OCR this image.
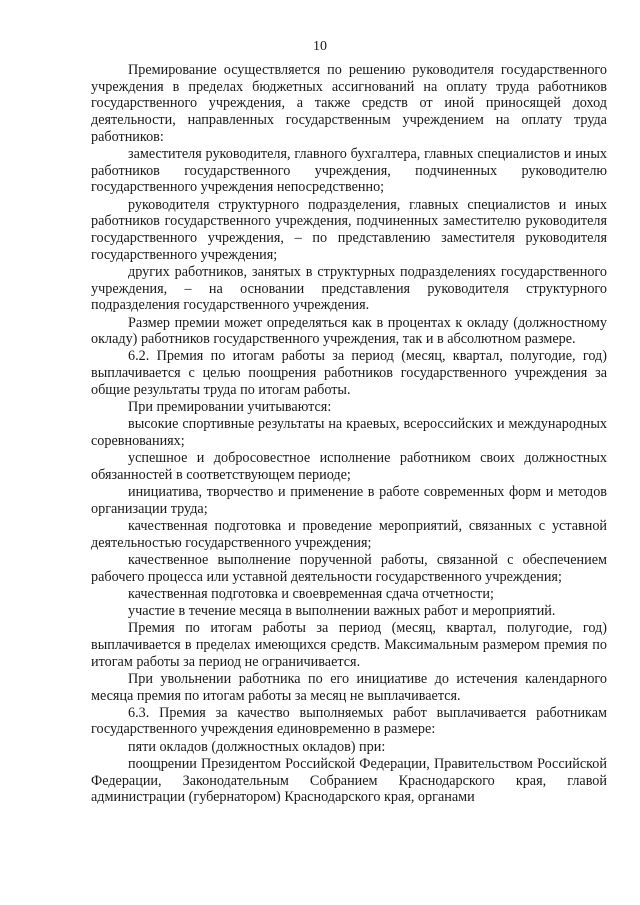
10

Премирование осуществляется по решению руководителя государственного учреждения в пределах бюджетных ассигнований на оплату труда работников государственного учреждения, а также средств от иной приносящей доход деятельности, направленных государственным учреждением на оплату труда работников:

заместителя руководителя, главного бухгалтера, главных специалистов и иных работников государственного учреждения, подчиненных руководителю государственного учреждения непосредственно;

руководителя структурного подразделения, главных специалистов и иных работников государственного учреждения, подчиненных заместителю руководителя государственного учреждения, – по представлению заместителя руководителя государственного учреждения;

других работников, занятых в структурных подразделениях государственного учреждения, – на основании представления руководителя структурного подразделения государственного учреждения.

Размер премии может определяться как в процентах к окладу (должностному окладу) работников государственного учреждения, так и в абсолютном размере.

6.2. Премия по итогам работы за период (месяц, квартал, полугодие, год) выплачивается с целью поощрения работников государственного учреждения за общие результаты труда по итогам работы.

При премировании учитываются:

высокие спортивные результаты на краевых, всероссийских и международных соревнованиях;

успешное и добросовестное исполнение работником своих должностных обязанностей в соответствующем периоде;

инициатива, творчество и применение в работе современных форм и методов организации труда;

качественная подготовка и проведение мероприятий, связанных с уставной деятельностью государственного учреждения;

качественное выполнение порученной работы, связанной с обеспечением рабочего процесса или уставной деятельности государственного учреждения;

качественная подготовка и своевременная сдача отчетности;

участие в течение месяца в выполнении важных работ и мероприятий.

Премия по итогам работы за период (месяц, квартал, полугодие, год) выплачивается в пределах имеющихся средств. Максимальным размером премия по итогам работы за период не ограничивается.

При увольнении работника по его инициативе до истечения календарного месяца премия по итогам работы за месяц не выплачивается.

6.3. Премия за качество выполняемых работ выплачивается работникам государственного учреждения единовременно в размере:

пяти окладов (должностных окладов) при:

поощрении Президентом Российской Федерации, Правительством Российской Федерации, Законодательным Собранием Краснодарского края, главой администрации (губернатором) Краснодарского края, органами
